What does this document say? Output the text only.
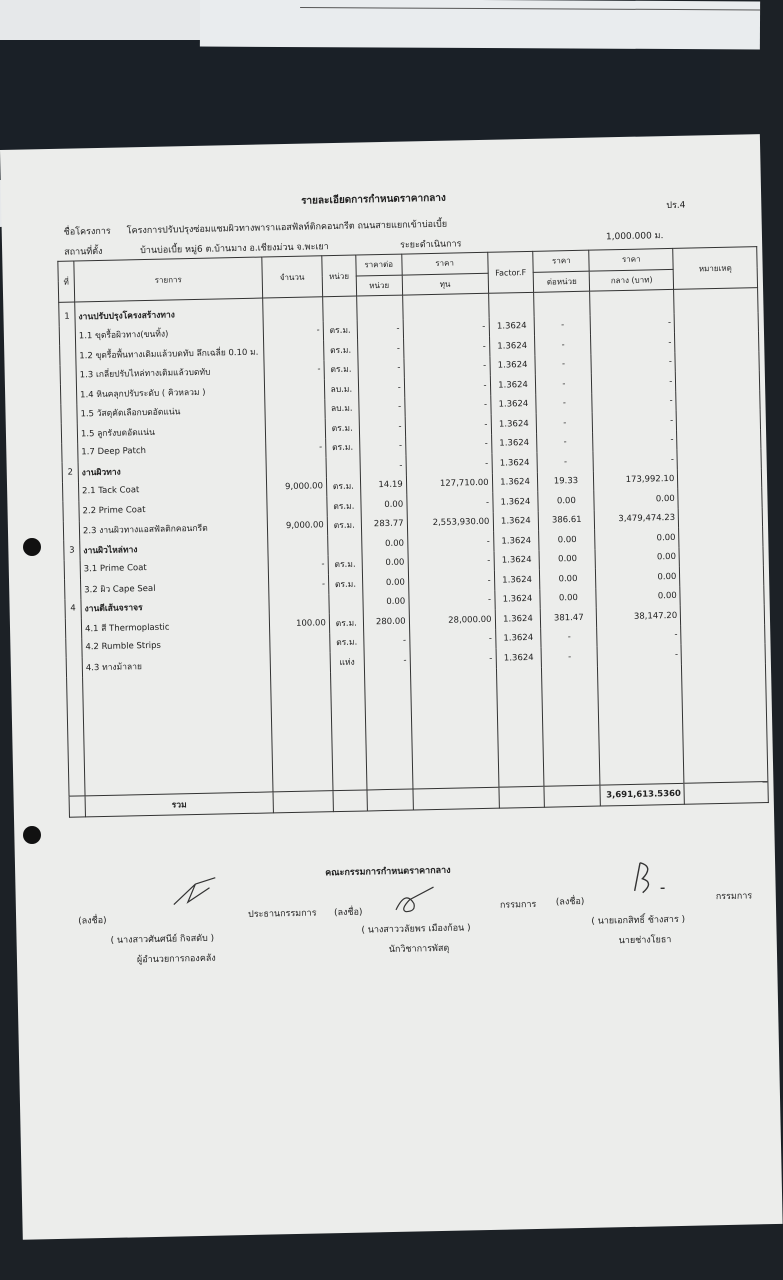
รายละเอียดการกำหนดราคากลาง	ปร.4
ชื่อโครงการ โครงการปรับปรุงซ่อมแซมผิวทางพาราแอสฟัลท์ติกคอนกรีต ถนนสายแยกเข้าบ่อเบี้ย
สถานที่ตั้ง	บ้านบ่อเบี้ย หมู่6 ต.บ้านมาง อ.เชียงม่วน จ.พะเยา	ระยะดำเนินการ
1,000.000 ม.
ที่	รายการ	จำนวน	หน่วย	ราคาต่อ	ราคา	Factor.F	ราคา	ราคา	หมายเหตุ
				หน่วย	ทุน		ต่อหน่วย	กลาง (บาท)	
1	งานปรับปรุงโครงสร้างทาง								
	1.1 ขุดรื้อผิวทาง(ขนทิ้ง)	-	ตร.ม.	-	-	1.3624	-	-	
	1.2 ขุดรื้อพื้นทางเดิมแล้วบดทับ ลึกเฉลี่ย 0.10 ม.		ตร.ม.	-	-	1.3624	-	-	
	1.3 เกลี่ยปรับไหล่ทางเดิมแล้วบดทับ	-	ตร.ม.	-	-	1.3624	-	-	
	1.4 หินคลุกปรับระดับ ( คิวหลวม )		ลบ.ม.	-	-	1.3624	-	-	
	1.5 วัสดุคัดเลือกบดอัดแน่น		ลบ.ม.	-	-	1.3624	-	-	
	1.5 ลูกรังบดอัดแน่น		ตร.ม.	-	-	1.3624	-	-	
	1.7 Deep Patch	-	ตร.ม.	-	-	1.3624	-	-	
2	งานผิวทาง			-	-	1.3624	-	-	
	2.1 Tack Coat	9,000.00	ตร.ม.	14.19	127,710.00	1.3624	19.33	173,992.10	
	2.2 Prime Coat		ตร.ม.	0.00	-	1.3624	0.00	0.00	
	2.3 งานผิวทางแอสฟัลติกคอนกรีต	9,000.00	ตร.ม.	283.77	2,553,930.00	1.3624	386.61	3,479,474.23	
3	งานผิวไหล่ทาง			0.00	-	1.3624	0.00	0.00	
	3.1 Prime Coat	-	ตร.ม.	0.00	-	1.3624	0.00	0.00	
	3.2 ผิว Cape Seal	-	ตร.ม.	0.00	-	1.3624	0.00	0.00	
4	งานตีเส้นจราจร			0.00	-	1.3624	0.00	0.00	
	4.1 สี Thermoplastic	100.00	ตร.ม.	280.00	28,000.00	1.3624	381.47	38,147.20	
	4.2 Rumble Strips		ตร.ม.	-	-	1.3624	-	-	
	4.3 ทางม้าลาย		แห่ง	-	-	1.3624	-	-	

	รวม							3,691,613.5360	
คณะกรรมการกำหนดราคากลาง
(ลงชื่อ)
ประธานกรรมการ (ลงชื่อ)
กรรมการ (ลงชื่อ)
กรรมการ
( นางสาวศันศนีย์ กิจสดับ )
( นางสาววลัยพร เมืองก้อน )
( นายเอกสิทธิ์ ช้างสาร )
ผู้อำนวยการกองคลัง
นักวิชาการพัสดุ
นายช่างโยธา
